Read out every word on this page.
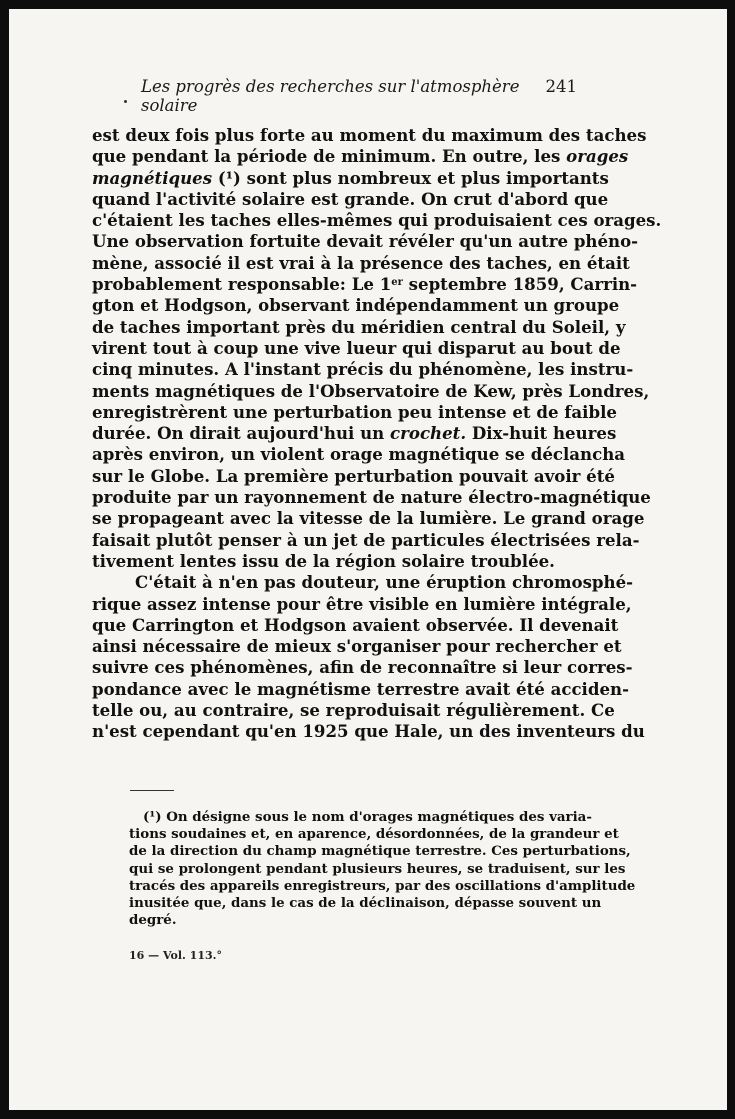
Les progrès des recherches sur l'atmosphère solaire
241
est deux fois plus forte au moment du maximum des taches
que pendant la période de minimum. En outre, les orages
magnétiques (¹) sont plus nombreux et plus importants
quand l'activité solaire est grande. On crut d'abord que
c'étaient les taches elles-mêmes qui produisaient ces orages.
Une observation fortuite devait révéler qu'un autre phéno-
mène, associé il est vrai à la présence des taches, en était
probablement responsable: Le 1er septembre 1859, Carrin-
gton et Hodgson, observant indépendamment un groupe
de taches important près du méridien central du Soleil, y
virent tout à coup une vive lueur qui disparut au bout de
cinq minutes. A l'instant précis du phénomène, les instru-
ments magnétiques de l'Observatoire de Kew, près Londres,
enregistrèrent une perturbation peu intense et de faible
durée. On dirait aujourd'hui un crochet. Dix-huit heures
après environ, un violent orage magnétique se déclancha
sur le Globe. La première perturbation pouvait avoir été
produite par un rayonnement de nature électro-magnétique
se propageant avec la vitesse de la lumière. Le grand orage
faisait plutôt penser à un jet de particules électrisées rela-
tivement lentes issu de la région solaire troublée.
C'était à n'en pas douteur, une éruption chromosphé-
rique assez intense pour être visible en lumière intégrale,
que Carrington et Hodgson avaient observée. Il devenait
ainsi nécessaire de mieux s'organiser pour rechercher et
suivre ces phénomènes, afin de reconnaître si leur corres-
pondance avec le magnétisme terrestre avait été acciden-
telle ou, au contraire, se reproduisait régulièrement. Ce
n'est cependant qu'en 1925 que Hale, un des inventeurs du
(¹) On désigne sous le nom d'orages magnétiques des varia-
tions soudaines et, en aparence, désordonnées, de la grandeur et
de la direction du champ magnétique terrestre. Ces perturbations,
qui se prolongent pendant plusieurs heures, se traduisent, sur les
tracés des appareils enregistreurs, par des oscillations d'amplitude
inusitée que, dans le cas de la déclinaison, dépasse souvent un
degré.
16 — Vol. 113.°
